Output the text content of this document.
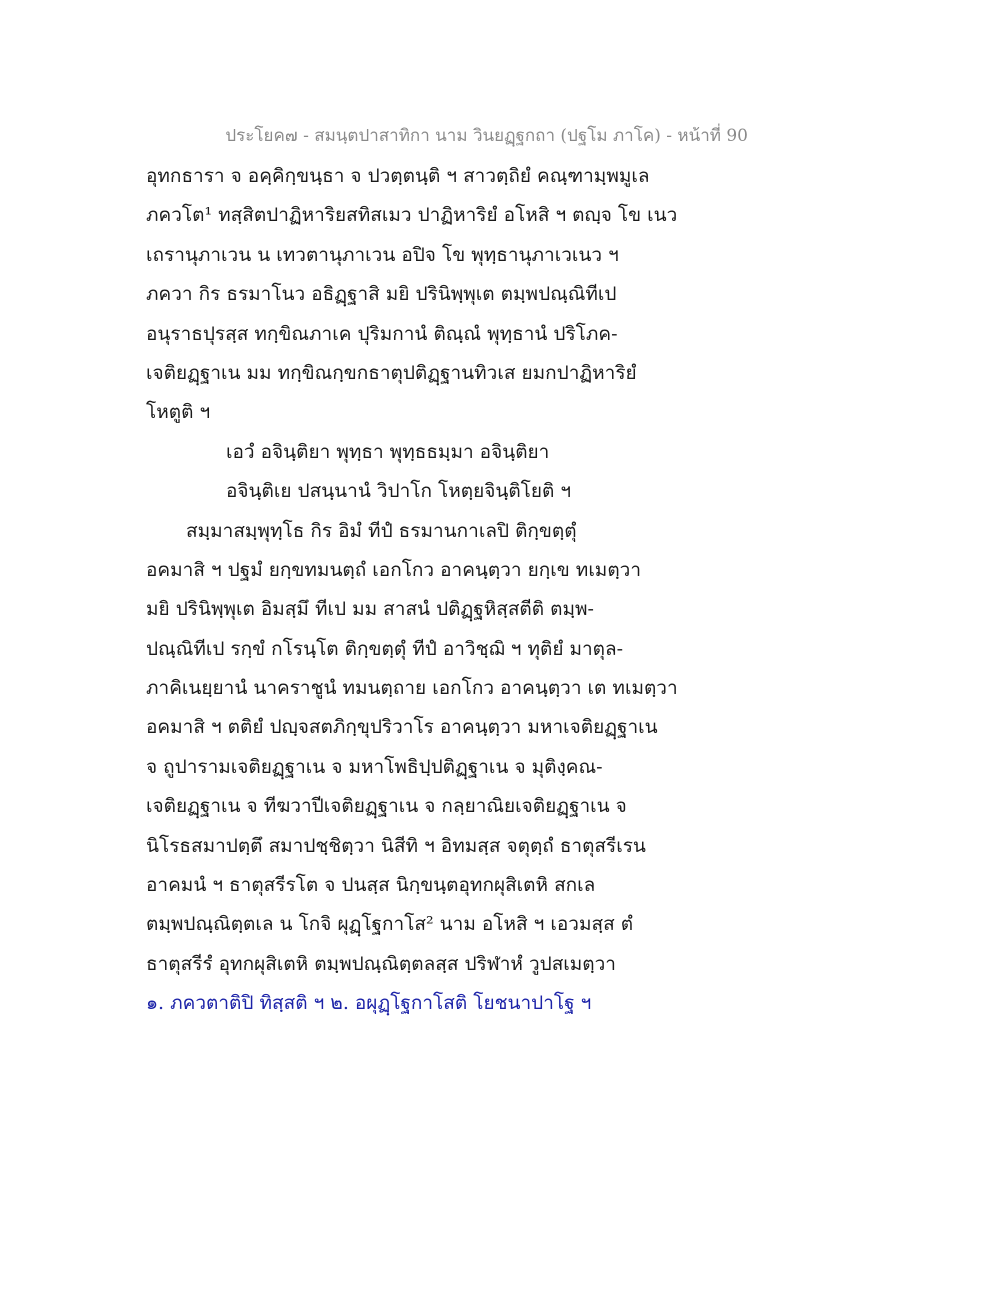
ประโยค๗ - สมนฺตปาสาทิกา นาม วินยฏฺฐกถา (ปฐโม ภาโค) - หน้าที่ 90
อุทกธารา จ อคฺคิกฺขนฺธา จ ปวตฺตนฺติ ฯ สาวตฺถิยํ คณฺฑามฺพมูเล
ภควโต¹ ทสฺสิตปาฏิหาริยสทิสเมว ปาฏิหาริยํ อโหสิ ฯ ตญฺจ โข เนว
เถรานุภาเวน น เทวตานุภาเวน อปิจ โข พุทฺธานุภาเวเนว ฯ
ภควา กิร ธรมาโนว อธิฏฺฐาสิ มยิ ปรินิพฺพุเต ตมฺพปณฺณิทีเป
อนุราธปุรสฺส ทกฺขิณภาเค ปุริมกานํ ติณฺณํ พุทฺธานํ ปริโภค-
เจติยฏฺฐาเน มม ทกฺขิณกฺขกธาตุปติฏฺฐานทิวเส ยมกปาฏิหาริยํ
โหตูติ ฯ
เอวํ อจินฺติยา พุทฺธา พุทฺธธมฺมา อจินฺติยา
อจินฺติเย ปสนฺนานํ วิปาโก โหตฺยจินฺติโยติ ฯ
สมฺมาสมฺพุทฺโธ กิร อิมํ ทีปํ ธรมานกาเลปิ ติกฺขตฺตุํ
อคมาสิ ฯ ปฐมํ ยกฺขทมนตฺถํ เอกโกว อาคนฺตฺวา ยกฺเข ทเมตฺวา
มยิ ปรินิพฺพุเต อิมสฺมึ ทีเป มม สาสนํ ปติฏฺฐหิสฺสตีติ ตมฺพ-
ปณฺณิทีเป รกฺขํ กโรนฺโต ติกฺขตฺตุํ ทีปํ อาวิชฺฌิ ฯ ทุติยํ มาตุล-
ภาคิเนยฺยานํ นาคราชูนํ ทมนตฺถาย เอกโกว อาคนฺตฺวา เต ทเมตฺวา
อคมาสิ ฯ ตติยํ ปญฺจสตภิกฺขุปริวาโร อาคนฺตฺวา มหาเจติยฏฺฐาเน
จ ถูปารามเจติยฏฺฐาเน จ มหาโพธิปฺปติฏฺฐาเน จ มุติงฺคณ-
เจติยฏฺฐาเน จ ทีฆวาปีเจติยฏฺฐาเน จ กลฺยาณิยเจติยฏฺฐาเน จ
นิโรธสมาปตฺตึ สมาปชฺชิตฺวา นิสีทิ ฯ อิทมสฺส จตุตฺถํ ธาตุสรีเรน
อาคมนํ ฯ ธาตุสรีรโต จ ปนสฺส นิกฺขนฺตอุทกผุสิเตหิ สกเล
ตมฺพปณฺณิตฺตเล น โกจิ ผุฏฺโฐกาโส² นาม อโหสิ ฯ เอวมสฺส ตํ
ธาตุสรีรํ อุทกผุสิเตหิ ตมฺพปณฺณิตฺตลสฺส ปริฬาหํ วูปสเมตฺวา
๑. ภควตาติปิ ทิสฺสติ ฯ ๒. อผุฏฺโฐกาโสติ โยชนาปาโฐ ฯ
